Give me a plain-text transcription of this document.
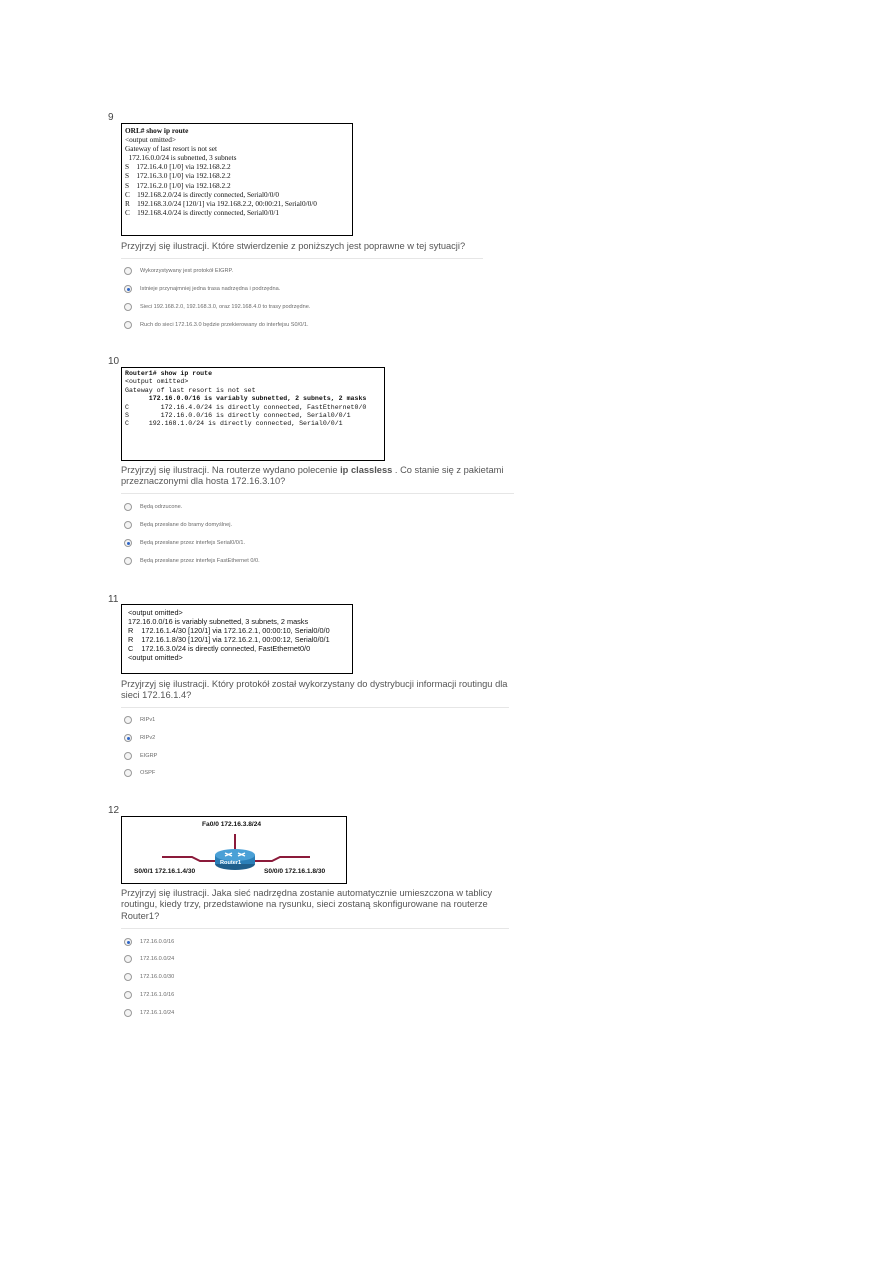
9
ORL# show ip route
<output omitted>
Gateway of last resort is not set
172.16.0.0/24 is subnetted, 3 subnets
S    172.16.4.0 [1/0] via 192.168.2.2
S    172.16.3.0 [1/0] via 192.168.2.2
S    172.16.2.0 [1/0] via 192.168.2.2
C    192.168.2.0/24 is directly connected, Serial0/0/0
R    192.168.3.0/24 [120/1] via 192.168.2.2, 00:00:21, Serial0/0/0
C    192.168.4.0/24 is directly connected, Serial0/0/1
Przyjrzyj się ilustracji. Które stwierdzenie z poniższych jest poprawne w tej sytuacji?
Wykorzystywany jest protokół EIGRP.
Istnieje przynajmniej jedna trasa nadrzędna i podrzędna.
Sieci 192.168.2.0, 192.168.3.0, oraz 192.168.4.0 to trasy podrzędne.
Ruch do sieci 172.16.3.0 będzie przekierowany do interfejsu S0/0/1.
10
Router1# show ip route
<output omitted>
Gateway of last resort is not set
172.16.0.0/16 is variably subnetted, 2 subnets, 2 masks
C        172.16.4.0/24 is directly connected, FastEthernet0/0
S        172.16.0.0/16 is directly connected, Serial0/0/1
C     192.168.1.0/24 is directly connected, Serial0/0/1
Przyjrzyj się ilustracji. Na routerze wydano polecenie ip classless . Co stanie się z pakietami przeznaczonymi dla hosta 172.16.3.10?
Będą odrzucone.
Będą przesłane do bramy domyślnej.
Będą przesłane przez interfejs Serial0/0/1.
Będą przesłane przez interfejs FastEthernet 0/0.
11
<output omitted>
172.16.0.0/16 is variably subnetted, 3 subnets, 2 masks
R    172.16.1.4/30 [120/1] via 172.16.2.1, 00:00:10, Serial0/0/0
R    172.16.1.8/30 [120/1] via 172.16.2.1, 00:00:12, Serial0/0/1
C    172.16.3.0/24 is directly connected, FastEthernet0/0
<output omitted>
Przyjrzyj się ilustracji. Który protokół został wykorzystany do dystrybucji informacji routingu dla sieci 172.16.1.4?
RIPv1
RIPv2
EIGRP
OSPF
12
Fa0/0 172.16.3.8/24
S0/0/1 172.16.1.4/30	S0/0/0 172.16.1.8/30
Router1
Przyjrzyj się ilustracji. Jaka sieć nadrzędna zostanie automatycznie umieszczona w tablicy routingu, kiedy trzy, przedstawione na rysunku, sieci zostaną skonfigurowane na routerze Router1?
172.16.0.0/16
172.16.0.0/24
172.16.0.0/30
172.16.1.0/16
172.16.1.0/24
